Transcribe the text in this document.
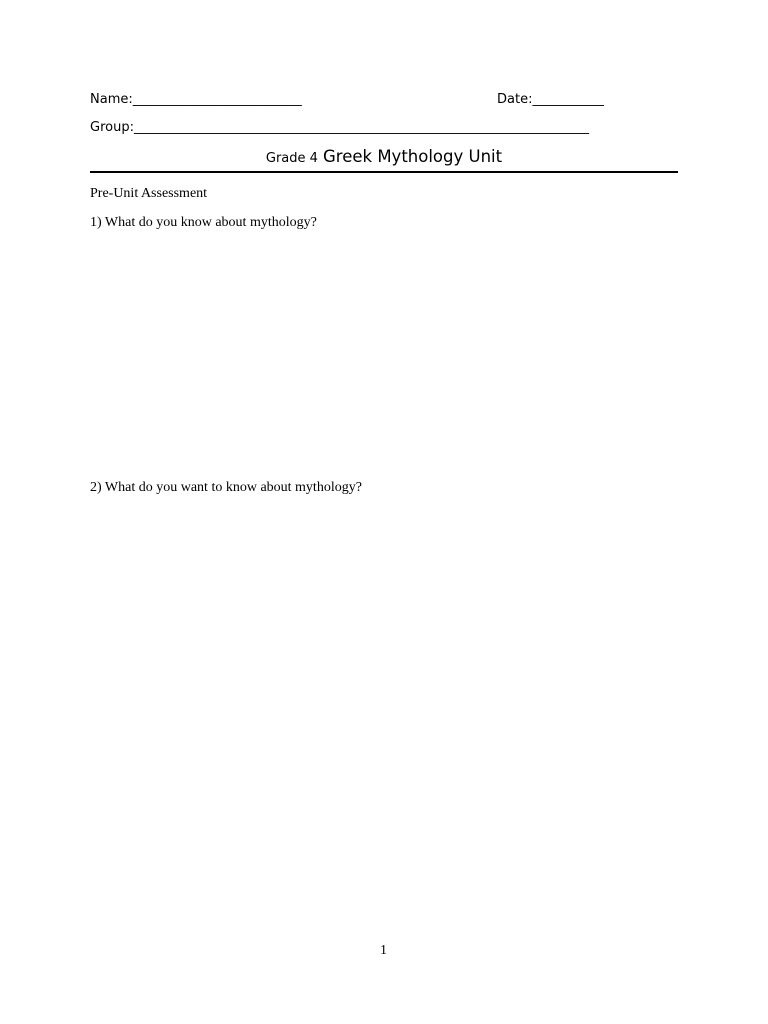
Name:__________________________	Date:___________
Group:______________________________________________________________________
Grade 4 Greek Mythology Unit
Pre-Unit Assessment
1) What do you know about mythology?
2) What do you want to know about mythology?
1
